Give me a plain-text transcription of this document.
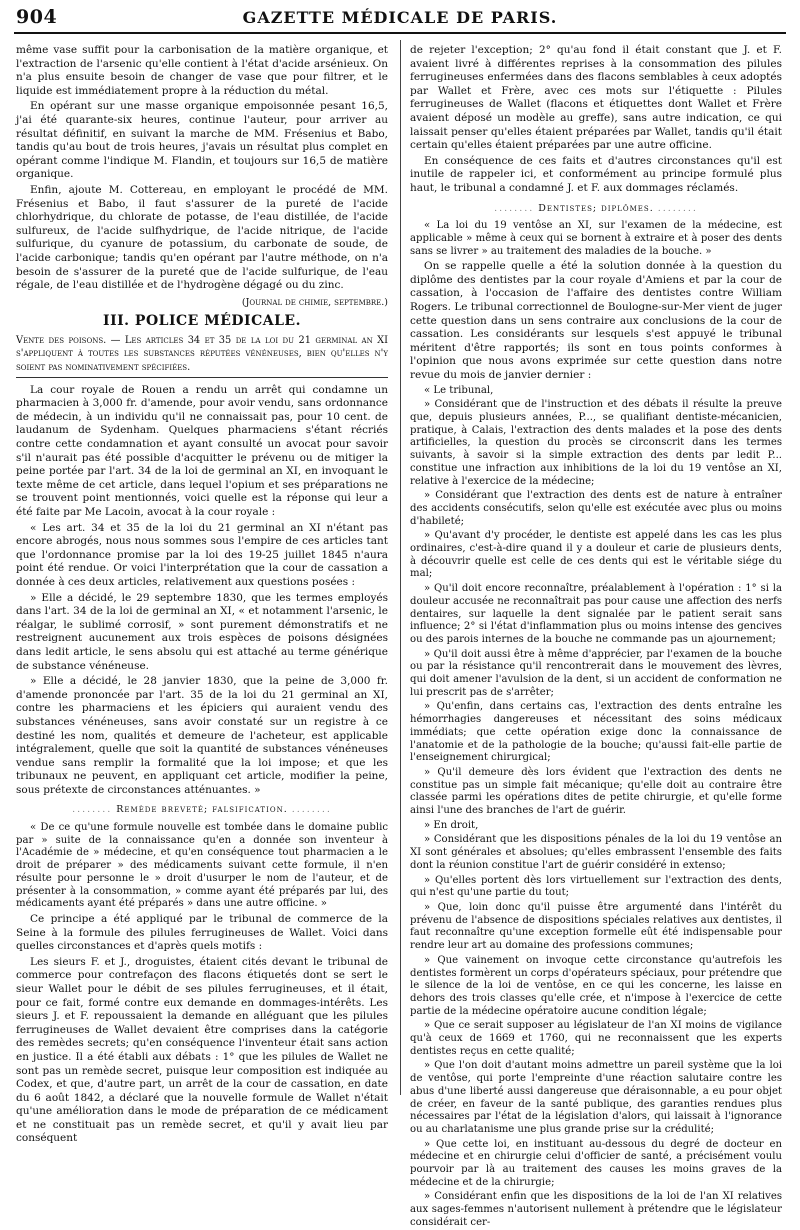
904	GAZETTE MÉDICALE DE PARIS.

même vase suffit pour la carbonisation de la matière organique, et l'extraction de l'arsenic qu'elle contient à l'état d'acide arsénieux. On n'a plus ensuite besoin de changer de vase que pour filtrer, et le liquide est immédiatement propre à la réduction du métal.

En opérant sur une masse organique empoisonnée pesant 16,5, j'ai été quarante-six heures, continue l'auteur, pour arriver au résultat définitif, en suivant la marche de MM. Frésenius et Babo, tandis qu'au bout de trois heures, j'avais un résultat plus complet en opérant comme l'indique M. Flandin, et toujours sur 16,5 de matière organique.

Enfin, ajoute M. Cottereau, en employant le procédé de MM. Frésenius et Babo, il faut s'assurer de la pureté de l'acide chlorhydrique, du chlorate de potasse, de l'eau distillée, de l'acide sulfureux, de l'acide sulfhydrique, de l'acide nitrique, de l'acide sulfurique, du cyanure de potassium, du carbonate de soude, de l'acide carbonique; tandis qu'en opérant par l'autre méthode, on n'a besoin de s'assurer de la pureté que de l'acide sulfurique, de l'eau régale, de l'eau distillée et de l'hydrogène dégagé ou du zinc.

(Journal de chimie, septembre.)

III. POLICE MÉDICALE.

Vente des poisons. — Les articles 34 et 35 de la loi du 21 germinal an XI s'appliquent à toutes les substances réputées vénéneuses, bien qu'elles n'y soient pas nominativement spécifiées.

La cour royale de Rouen a rendu un arrêt qui condamne un pharmacien à 3,000 fr. d'amende, pour avoir vendu, sans ordonnance de médecin, à un individu qu'il ne connaissait pas, pour 10 cent. de laudanum de Sydenham. Quelques pharmaciens s'étant récriés contre cette condamnation et ayant consulté un avocat pour savoir s'il n'aurait pas été possible d'acquitter le prévenu ou de mitiger la peine portée par l'art. 34 de la loi de germinal an XI, en invoquant le texte même de cet article, dans lequel l'opium et ses préparations ne se trouvent point mentionnés, voici quelle est la réponse qui leur a été faite par Me Lacoin, avocat à la cour royale :

« Les art. 34 et 35 de la loi du 21 germinal an XI n'étant pas encore abrogés, nous nous sommes sous l'empire de ces articles tant que l'ordonnance promise par la loi des 19-25 juillet 1845 n'aura point été rendue. Or voici l'interprétation que la cour de cassation a donnée à ces deux articles, relativement aux questions posées :

» Elle a décidé, le 29 septembre 1830, que les termes employés dans l'art. 34 de la loi de germinal an XI, « et notamment l'arsenic, le réalgar, le sublimé corrosif, » sont purement démonstratifs et ne restreignent aucunement aux trois espèces de poisons désignées dans ledit article, le sens absolu qui est attaché au terme générique de substance vénéneuse.

» Elle a décidé, le 28 janvier 1830, que la peine de 3,000 fr. d'amende prononcée par l'art. 35 de la loi du 21 germinal an XI, contre les pharmaciens et les épiciers qui auraient vendu des substances vénéneuses, sans avoir constaté sur un registre à ce destiné les nom, qualités et demeure de l'acheteur, est applicable intégralement, quelle que soit la quantité de substances vénéneuses vendue sans remplir la formalité que la loi impose; et que les tribunaux ne peuvent, en appliquant cet article, modifier la peine, sous prétexte de circonstances atténuantes. »

........ Remède breveté; falsification. ........

« De ce qu'une formule nouvelle est tombée dans le domaine public par » suite de la connaissance qu'en a donnée son inventeur à l'Académie de » médecine, et qu'en conséquence tout pharmacien a le droit de préparer » des médicaments suivant cette formule, il n'en résulte pour personne le » droit d'usurper le nom de l'auteur, et de présenter à la consommation, » comme ayant été préparés par lui, des médicaments ayant été préparés » dans une autre officine. »

Ce principe a été appliqué par le tribunal de commerce de la Seine à la formule des pilules ferrugineuses de Wallet. Voici dans quelles circonstances et d'après quels motifs :

Les sieurs F. et J., droguistes, étaient cités devant le tribunal de commerce pour contrefaçon des flacons étiquetés dont se sert le sieur Wallet pour le débit de ses pilules ferrugineuses, et il était, pour ce fait, formé contre eux demande en dommages-intérêts. Les sieurs J. et F. repoussaient la demande en alléguant que les pilules ferrugineuses de Wallet devaient être comprises dans la catégorie des remèdes secrets; qu'en conséquence l'inventeur était sans action en justice. Il a été établi aux débats : 1° que les pilules de Wallet ne sont pas un remède secret, puisque leur composition est indiquée au Codex, et que, d'autre part, un arrêt de la cour de cassation, en date du 6 août 1842, a déclaré que la nouvelle formule de Wallet n'était qu'une amélioration dans le mode de préparation de ce médicament et ne constituait pas un remède secret, et qu'il y avait lieu par conséquent

de rejeter l'exception; 2° qu'au fond il était constant que J. et F. avaient livré à différentes reprises à la consommation des pilules ferrugineuses enfermées dans des flacons semblables à ceux adoptés par Wallet et Frère, avec ces mots sur l'étiquette : Pilules ferrugineuses de Wallet (flacons et étiquettes dont Wallet et Frère avaient déposé un modèle au greffe), sans autre indication, ce qui laissait penser qu'elles étaient préparées par Wallet, tandis qu'il était certain qu'elles étaient préparées par une autre officine.

En conséquence de ces faits et d'autres circonstances qu'il est inutile de rappeler ici, et conformément au principe formulé plus haut, le tribunal a condamné J. et F. aux dommages réclamés.

........ Dentistes; diplômes. ........

« La loi du 19 ventôse an XI, sur l'examen de la médecine, est applicable » même à ceux qui se bornent à extraire et à poser des dents sans se livrer » au traitement des maladies de la bouche. »

On se rappelle quelle a été la solution donnée à la question du diplôme des dentistes par la cour royale d'Amiens et par la cour de cassation, à l'occasion de l'affaire des dentistes contre William Rogers. Le tribunal correctionnel de Boulogne-sur-Mer vient de juger cette question dans un sens contraire aux conclusions de la cour de cassation. Les considérants sur lesquels s'est appuyé le tribunal méritent d'être rapportés; ils sont en tous points conformes à l'opinion que nous avons exprimée sur cette question dans notre revue du mois de janvier dernier :

« Le tribunal,

» Considérant que de l'instruction et des débats il résulte la preuve que, depuis plusieurs années, P..., se qualifiant dentiste-mécanicien, pratique, à Calais, l'extraction des dents malades et la pose des dents artificielles, la question du procès se circonscrit dans les termes suivants, à savoir si la simple extraction des dents par ledit P... constitue une infraction aux inhibitions de la loi du 19 ventôse an XI, relative à l'exercice de la médecine;

» Considérant que l'extraction des dents est de nature à entraîner des accidents consécutifs, selon qu'elle est exécutée avec plus ou moins d'habileté;

» Qu'avant d'y procéder, le dentiste est appelé dans les cas les plus ordinaires, c'est-à-dire quand il y a douleur et carie de plusieurs dents, à découvrir quelle est celle de ces dents qui est le véritable siége du mal;

» Qu'il doit encore reconnaître, préalablement à l'opération : 1° si la douleur accusée ne reconnaîtrait pas pour cause une affection des nerfs dentaires, sur laquelle la dent signalée par le patient serait sans influence; 2° si l'état d'inflammation plus ou moins intense des gencives ou des parois internes de la bouche ne commande pas un ajournement;

» Qu'il doit aussi être à même d'apprécier, par l'examen de la bouche ou par la résistance qu'il rencontrerait dans le mouvement des lèvres, qui doit amener l'avulsion de la dent, si un accident de conformation ne lui prescrit pas de s'arrêter;

» Qu'enfin, dans certains cas, l'extraction des dents entraîne les hémorrhagies dangereuses et nécessitant des soins médicaux immédiats; que cette opération exige donc la connaissance de l'anatomie et de la pathologie de la bouche; qu'aussi fait-elle partie de l'enseignement chirurgical;

» Qu'il demeure dès lors évident que l'extraction des dents ne constitue pas un simple fait mécanique; qu'elle doit au contraire être classée parmi les opérations dites de petite chirurgie, et qu'elle forme ainsi l'une des branches de l'art de guérir.

» En droit,

» Considérant que les dispositions pénales de la loi du 19 ventôse an XI sont générales et absolues; qu'elles embrassent l'ensemble des faits dont la réunion constitue l'art de guérir considéré in extenso;

» Qu'elles portent dès lors virtuellement sur l'extraction des dents, qui n'est qu'une partie du tout;

» Que, loin donc qu'il puisse être argumenté dans l'intérêt du prévenu de l'absence de dispositions spéciales relatives aux dentistes, il faut reconnaître qu'une exception formelle eût été indispensable pour rendre leur art au domaine des professions communes;

» Que vainement on invoque cette circonstance qu'autrefois les dentistes formèrent un corps d'opérateurs spéciaux, pour prétendre que le silence de la loi de ventôse, en ce qui les concerne, les laisse en dehors des trois classes qu'elle crée, et n'impose à l'exercice de cette partie de la médecine opératoire aucune condition légale;

» Que ce serait supposer au législateur de l'an XI moins de vigilance qu'à ceux de 1669 et 1760, qui ne reconnaissent que les experts dentistes reçus en cette qualité;

» Que l'on doit d'autant moins admettre un pareil système que la loi de ventôse, qui porte l'empreinte d'une réaction salutaire contre les abus d'une liberté aussi dangereuse que déraisonnable, a eu pour objet de créer, en faveur de la santé publique, des garanties rendues plus nécessaires par l'état de la législation d'alors, qui laissait à l'ignorance ou au charlatanisme une plus grande prise sur la crédulité;

» Que cette loi, en instituant au-dessous du degré de docteur en médecine et en chirurgie celui d'officier de santé, a précisément voulu pourvoir par là au traitement des causes les moins graves de la médecine et de la chirurgie;

» Considérant enfin que les dispositions de la loi de l'an XI relatives aux sages-femmes n'autorisent nullement à prétendre que le législateur considérait cer-
